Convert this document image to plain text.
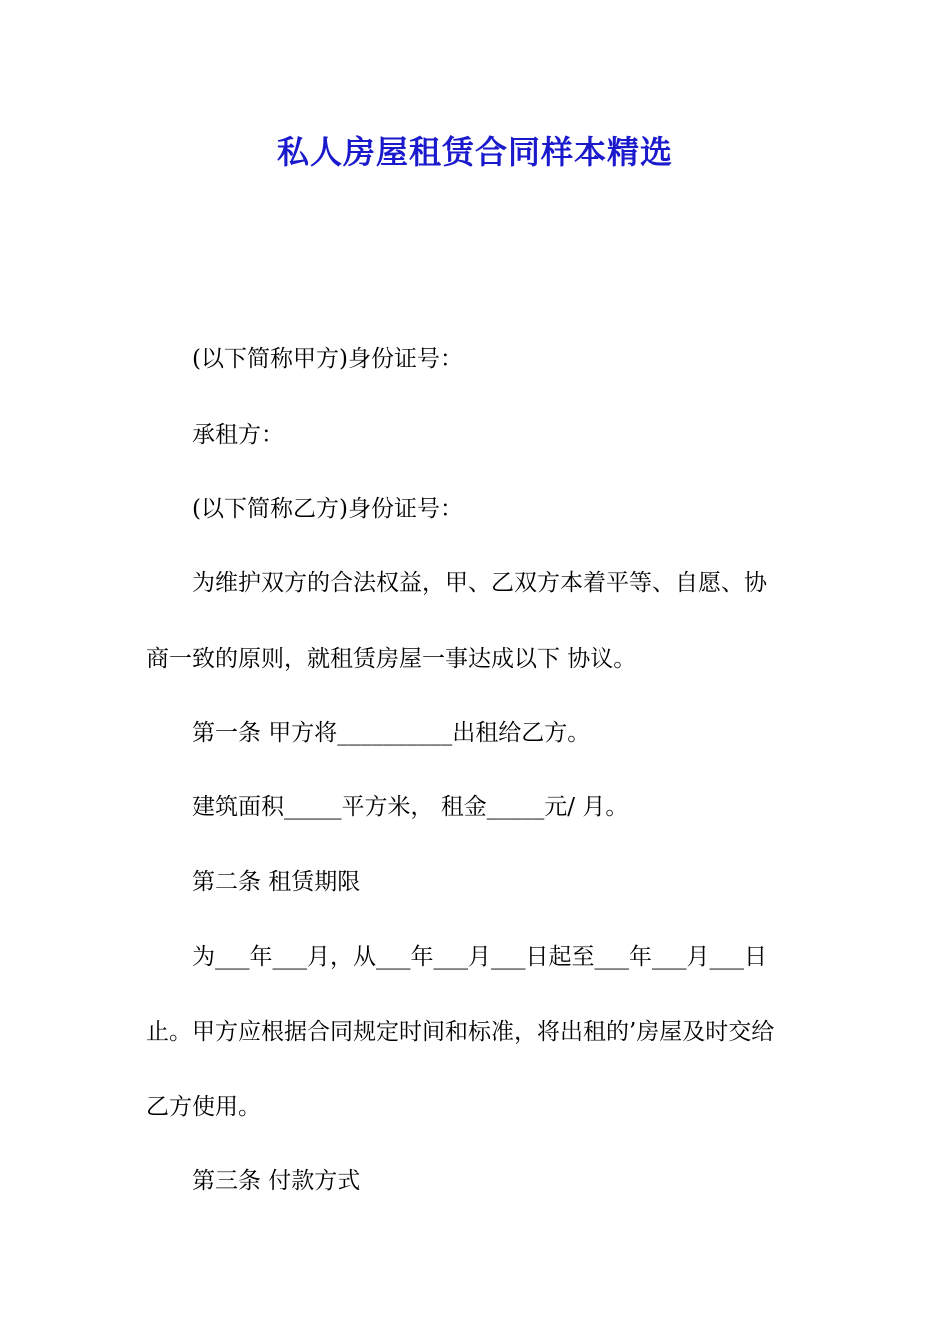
私人房屋租赁合同样本精选
(以下简称甲方)身份证号：
承租方：
(以下简称乙方)身份证号：
为维护双方的合法权益，甲、乙双方本着平等、自愿、协
商一致的原则，就租赁房屋一事达成以下 协议。
第一条 甲方将__________出租给乙方。
建筑面积_____平方米， 租金_____元/ 月。
第二条 租赁期限
为___年___月，从___年___月___日起至___年___月___日
止。甲方应根据合同规定时间和标准，将出租的’房屋及时交给
乙方使用。
第三条 付款方式
